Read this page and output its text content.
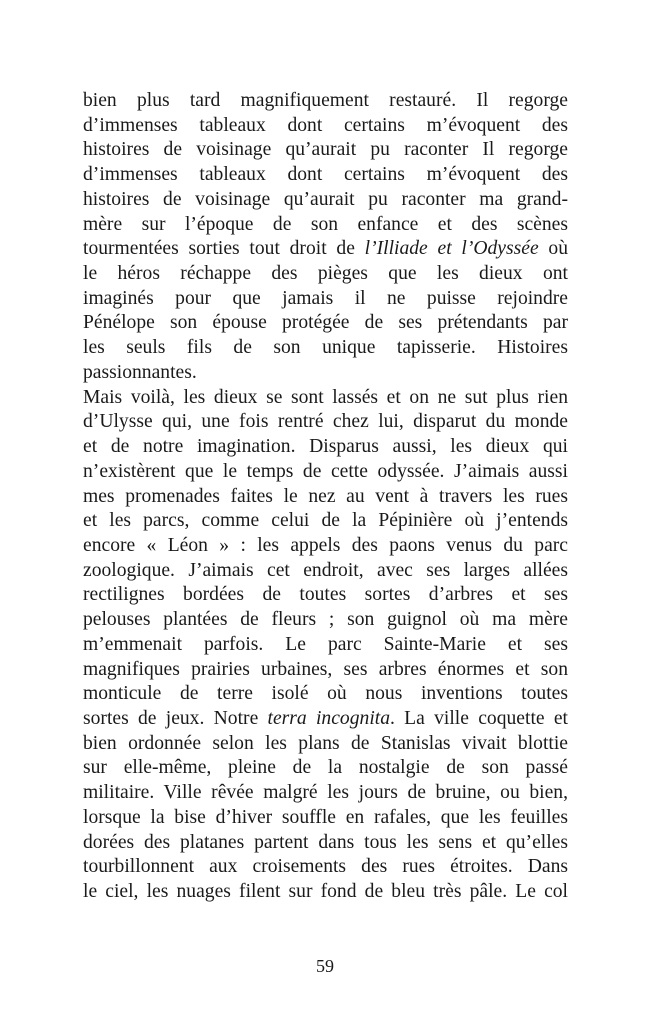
bien plus tard magnifiquement restauré. Il regorge
d’immenses tableaux dont certains m’évoquent des
histoires de voisinage qu’aurait pu raconter Il regorge
d’immenses tableaux dont certains m’évoquent des
histoires de voisinage qu’aurait pu raconter ma grand-
mère sur l’époque de son enfance et des scènes
tourmentées sorties tout droit de l’Illiade et l’Odyssée où
le héros réchappe des pièges que les dieux ont
imaginés pour que jamais il ne puisse rejoindre
Pénélope son épouse protégée de ses prétendants par
les seuls fils de son unique tapisserie. Histoires
passionnantes.
Mais voilà, les dieux se sont lassés et on ne sut plus rien
d’Ulysse qui, une fois rentré chez lui, disparut du monde
et de notre imagination. Disparus aussi, les dieux qui
n’existèrent que le temps de cette odyssée. J’aimais aussi
mes promenades faites le nez au vent à travers les rues
et les parcs, comme celui de la Pépinière où j’entends
encore « Léon » : les appels des paons venus du parc
zoologique. J’aimais cet endroit, avec ses larges allées
rectilignes bordées de toutes sortes d’arbres et ses
pelouses plantées de fleurs ; son guignol où ma mère
m’emmenait parfois. Le parc Sainte-Marie et ses
magnifiques prairies urbaines, ses arbres énormes et son
monticule de terre isolé où nous inventions toutes
sortes de jeux. Notre terra incognita. La ville coquette et
bien ordonnée selon les plans de Stanislas vivait blottie
sur elle-même, pleine de la nostalgie de son passé
militaire. Ville rêvée malgré les jours de bruine, ou bien,
lorsque la bise d’hiver souffle en rafales, que les feuilles
dorées des platanes partent dans tous les sens et qu’elles
tourbillonnent aux croisements des rues étroites. Dans
le ciel, les nuages filent sur fond de bleu très pâle. Le col
59
